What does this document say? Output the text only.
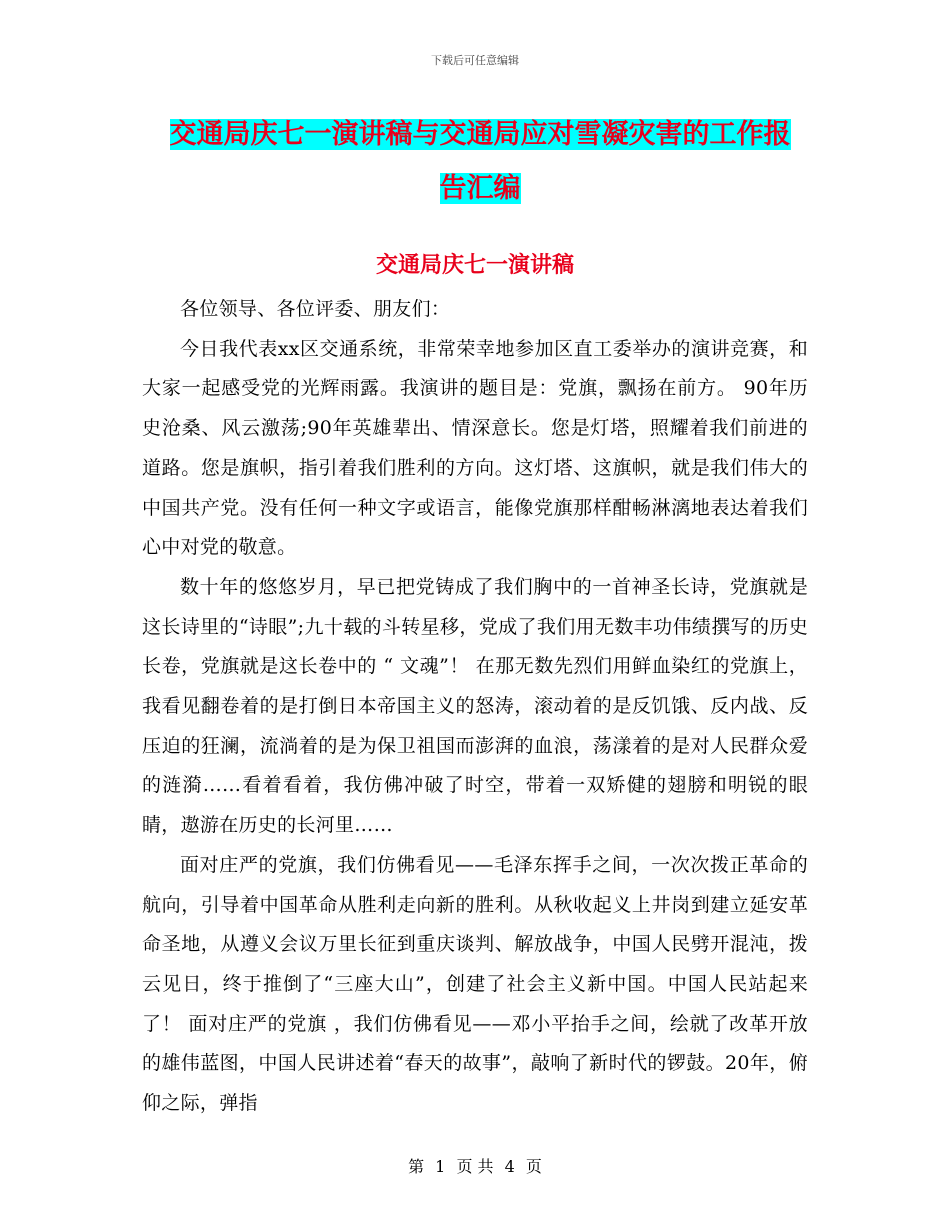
下载后可任意编辑
交通局庆七一演讲稿与交通局应对雪凝灾害的工作报
告汇编
交通局庆七一演讲稿

各位领导、各位评委、朋友们：

今日我代表xx区交通系统，非常荣幸地参加区直工委举办的演讲竞赛，和大家一起感受党的光辉雨露。我演讲的题目是：党旗，飘扬在前方。 90年历史沧桑、风云激荡;90年英雄辈出、情深意长。您是灯塔，照耀着我们前进的道路。您是旗帜，指引着我们胜利的方向。这灯塔、这旗帜，就是我们伟大的中国共产党。没有任何一种文字或语言，能像党旗那样酣畅淋漓地表达着我们心中对党的敬意。

数十年的悠悠岁月，早已把党铸成了我们胸中的一首神圣长诗，党旗就是这长诗里的“诗眼”;九十载的斗转星移，党成了我们用无数丰功伟绩撰写的历史长卷，党旗就是这长卷中的 “ 文魂”！ 在那无数先烈们用鲜血染红的党旗上，我看见翻卷着的是打倒日本帝国主义的怒涛，滚动着的是反饥饿、反内战、反压迫的狂澜，流淌着的是为保卫祖国而澎湃的血浪，荡漾着的是对人民群众爱的涟漪……看着看着，我仿佛冲破了时空，带着一双矫健的翅膀和明锐的眼睛，遨游在历史的长河里……

面对庄严的党旗，我们仿佛看见——毛泽东挥手之间，一次次拨正革命的航向，引导着中国革命从胜利走向新的胜利。从秋收起义上井岗到建立延安革命圣地，从遵义会议万里长征到重庆谈判、解放战争，中国人民劈开混沌，拨云见日，终于推倒了“三座大山”，创建了社会主义新中国。中国人民站起来了！ 面对庄严的党旗 ，我们仿佛看见——邓小平抬手之间，绘就了改革开放的雄伟蓝图，中国人民讲述着“春天的故事”，敲响了新时代的锣鼓。20年，俯仰之际，弹指

第 1 页 共 4 页
